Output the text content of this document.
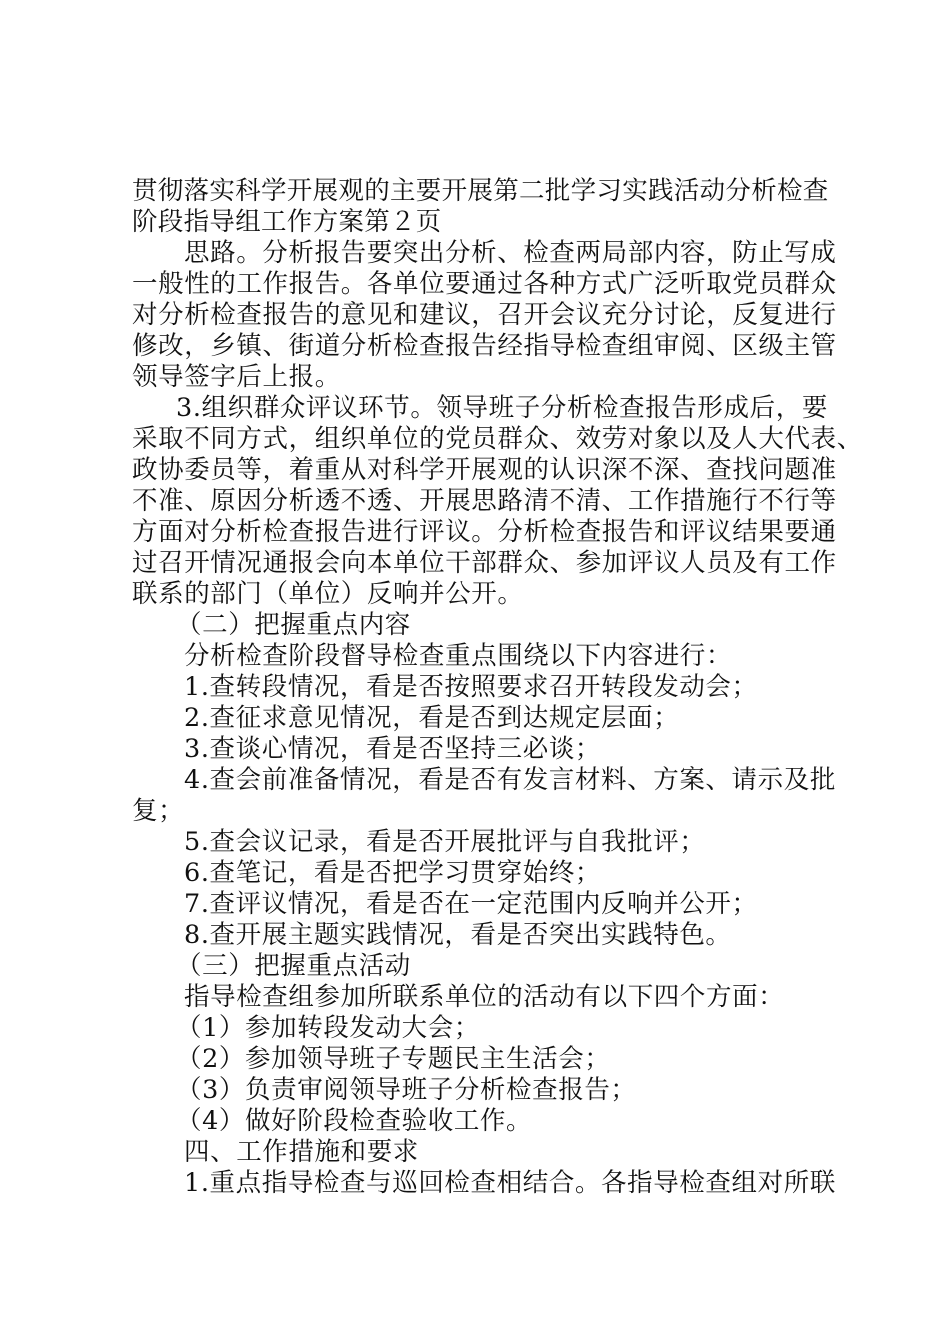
贯彻落实科学开展观的主要开展第二批学习实践活动分析检查
阶段指导组工作方案第２页
思路。分析报告要突出分析、检查两局部内容，防止写成
一般性的工作报告。各单位要通过各种方式广泛听取党员群众
对分析检查报告的意见和建议，召开会议充分讨论，反复进行
修改，乡镇、街道分析检查报告经指导检查组审阅、区级主管
领导签字后上报。
3.组织群众评议环节。领导班子分析检查报告形成后，要
采取不同方式，组织单位的党员群众、效劳对象以及人大代表、
政协委员等，着重从对科学开展观的认识深不深、查找问题准
不准、原因分析透不透、开展思路清不清、工作措施行不行等
方面对分析检查报告进行评议。分析检查报告和评议结果要通
过召开情况通报会向本单位干部群众、参加评议人员及有工作
联系的部门（单位）反响并公开。
（二）把握重点内容
分析检查阶段督导检查重点围绕以下内容进行：
1.查转段情况，看是否按照要求召开转段发动会；
2.查征求意见情况，看是否到达规定层面；
3.查谈心情况，看是否坚持三必谈；
4.查会前准备情况，看是否有发言材料、方案、请示及批
复；
5.查会议记录，看是否开展批评与自我批评；
6.查笔记，看是否把学习贯穿始终；
7.查评议情况，看是否在一定范围内反响并公开；
8.查开展主题实践情况，看是否突出实践特色。
（三）把握重点活动
指导检查组参加所联系单位的活动有以下四个方面：
（1）参加转段发动大会；
（2）参加领导班子专题民主生活会；
（3）负责审阅领导班子分析检查报告；
（4）做好阶段检查验收工作。
四、工作措施和要求
1.重点指导检查与巡回检查相结合。各指导检查组对所联
